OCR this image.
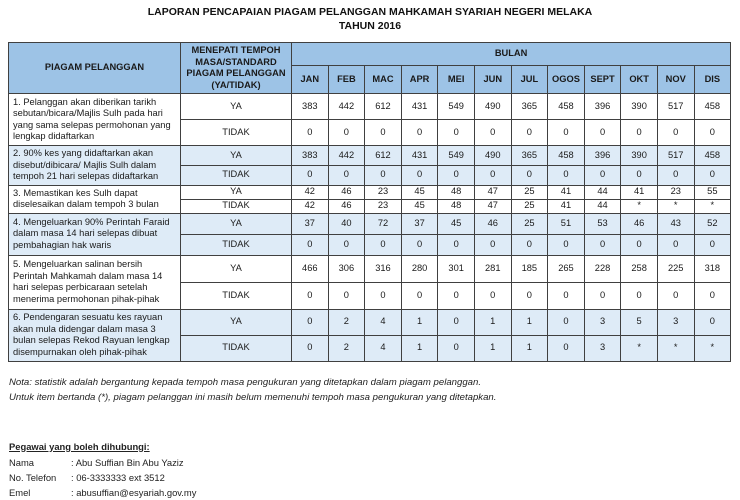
LAPORAN PENCAPAIAN PIAGAM PELANGGAN MAHKAMAH SYARIAH NEGERI MELAKA
TAHUN 2016
PIAGAM PELANGGAN	MENEPATI TEMPOH MASA/STANDARD PIAGAM PELANGGAN (YA/TIDAK)	BULAN											
		JAN	FEB	MAC	APR	MEI	JUN	JUL	OGOS	SEPT	OKT	NOV	DIS
1. Pelanggan akan diberikan tarikh sebutan/bicara/Majlis Sulh pada hari yang sama selepas permohonan yang lengkap didaftarkan	YA	383	442	612	431	549	490	365	458	396	390	517	458
	TIDAK	0	0	0	0	0	0	0	0	0	0	0	0
2. 90% kes yang didaftarkan akan disebut/dibicara/ Majlis Sulh dalam tempoh 21 hari selepas didaftarkan	YA	383	442	612	431	549	490	365	458	396	390	517	458
	TIDAK	0	0	0	0	0	0	0	0	0	0	0	0
3. Memastikan kes Sulh dapat diselesaikan dalam tempoh 3 bulan	YA	42	46	23	45	48	47	25	41	44	41	23	55
	TIDAK	42	46	23	45	48	47	25	41	44	*	*	*
4. Mengeluarkan 90% Perintah Faraid dalam masa 14 hari selepas dibuat pembahagian hak waris	YA	37	40	72	37	45	46	25	51	53	46	43	52
	TIDAK	0	0	0	0	0	0	0	0	0	0	0	0
5. Mengeluarkan salinan bersih Perintah Mahkamah dalam masa 14 hari selepas perbicaraan setelah menerima permohonan pihak-pihak	YA	466	306	316	280	301	281	185	265	228	258	225	318
	TIDAK	0	0	0	0	0	0	0	0	0	0	0	0
6. Pendengaran sesuatu kes rayuan akan mula didengar dalam masa 3 bulan selepas Rekod Rayuan lengkap disempurnakan oleh pihak-pihak	YA	0	2	4	1	0	1	1	0	3	5	3	0
	TIDAK	0	2	4	1	0	1	1	0	3	*	*	*
Nota: statistik adalah bergantung kepada tempoh masa pengukuran yang ditetapkan dalam piagam pelanggan.
Untuk item bertanda (*), piagam pelanggan ini masih belum memenuhi tempoh masa pengukuran yang ditetapkan.
Pegawai yang boleh dihubungi:
Nama	: Abu Suffian Bin Abu Yaziz
No. Telefon	: 06-3333333 ext 3512
Emel	: abusuffian@esyariah.gov.my
